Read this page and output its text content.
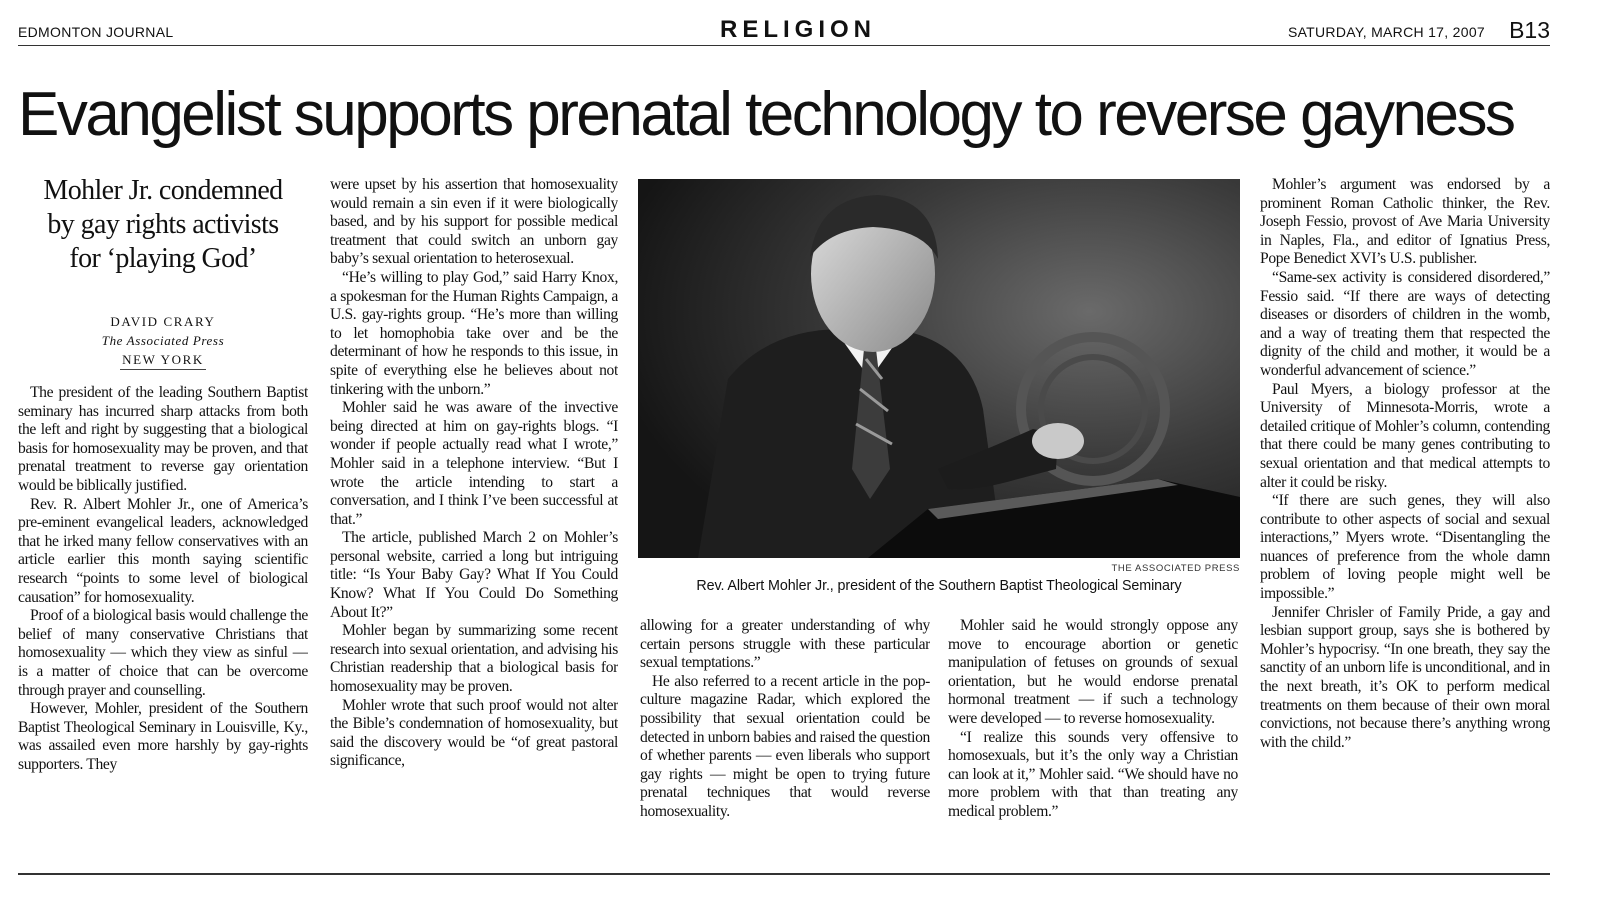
EDMONTON JOURNAL	RELIGION	SATURDAY, MARCH 17, 2007 B13
Evangelist supports prenatal technology to reverse gayness
Mohler Jr. condemned
by gay rights activists
for ‘playing God’
DAVID CRARY
The Associated Press
NEW YORK

The president of the leading Southern Baptist seminary has incurred sharp attacks from both the left and right by suggesting that a biological basis for homosexuality may be proven, and that prenatal treatment to reverse gay orientation would be biblically justified.

Rev. R. Albert Mohler Jr., one of America’s pre-eminent evangelical leaders, acknowledged that he irked many fellow conservatives with an article earlier this month saying scientific research “points to some level of biological causation” for homosexuality.

Proof of a biological basis would challenge the belief of many conservative Christians that homosexuality — which they view as sinful — is a matter of choice that can be overcome through prayer and counselling.

However, Mohler, president of the Southern Baptist Theological Seminary in Louisville, Ky., was assailed even more harshly by gay-rights supporters. They

were upset by his assertion that homosexuality would remain a sin even if it were biologically based, and by his support for possible medical treatment that could switch an unborn gay baby’s sexual orientation to heterosexual.

“He’s willing to play God,” said Harry Knox, a spokesman for the Human Rights Campaign, a U.S. gay-rights group. “He’s more than willing to let homophobia take over and be the determinant of how he responds to this issue, in spite of everything else he believes about not tinkering with the unborn.”

Mohler said he was aware of the invective being directed at him on gay-rights blogs. “I wonder if people actually read what I wrote,” Mohler said in a telephone interview. “But I wrote the article intending to start a conversation, and I think I’ve been successful at that.”

The article, published March 2 on Mohler’s personal website, carried a long but intriguing title: “Is Your Baby Gay? What If You Could Know? What If You Could Do Something About It?”

Mohler began by summarizing some recent research into sexual orientation, and advising his Christian readership that a biological basis for homosexuality may be proven.

Mohler wrote that such proof would not alter the Bible’s condemnation of homosexuality, but said the discovery would be “of great pastoral significance,

THE ASSOCIATED PRESS
Rev. Albert Mohler Jr., president of the Southern Baptist Theological Seminary

allowing for a greater understanding of why certain persons struggle with these particular sexual temptations.”

He also referred to a recent article in the pop-culture magazine Radar, which explored the possibility that sexual orientation could be detected in unborn babies and raised the question of whether parents — even liberals who support gay rights — might be open to trying future prenatal techniques that would reverse homosexuality.

Mohler said he would strongly oppose any move to encourage abortion or genetic manipulation of fetuses on grounds of sexual orientation, but he would endorse prenatal hormonal treatment — if such a technology were developed — to reverse homosexuality.

“I realize this sounds very offensive to homosexuals, but it’s the only way a Christian can look at it,” Mohler said. “We should have no more problem with that than treating any medical problem.”

Mohler’s argument was endorsed by a prominent Roman Catholic thinker, the Rev. Joseph Fessio, provost of Ave Maria University in Naples, Fla., and editor of Ignatius Press, Pope Benedict XVI’s U.S. publisher.

“Same-sex activity is considered disordered,” Fessio said. “If there are ways of detecting diseases or disorders of children in the womb, and a way of treating them that respected the dignity of the child and mother, it would be a wonderful advancement of science.”

Paul Myers, a biology professor at the University of Minnesota-Morris, wrote a detailed critique of Mohler’s column, contending that there could be many genes contributing to sexual orientation and that medical attempts to alter it could be risky.

“If there are such genes, they will also contribute to other aspects of social and sexual interactions,” Myers wrote. “Disentangling the nuances of preference from the whole damn problem of loving people might well be impossible.”

Jennifer Chrisler of Family Pride, a gay and lesbian support group, says she is bothered by Mohler’s hypocrisy. “In one breath, they say the sanctity of an unborn life is unconditional, and in the next breath, it’s OK to perform medical treatments on them because of their own moral convictions, not because there’s anything wrong with the child.”
